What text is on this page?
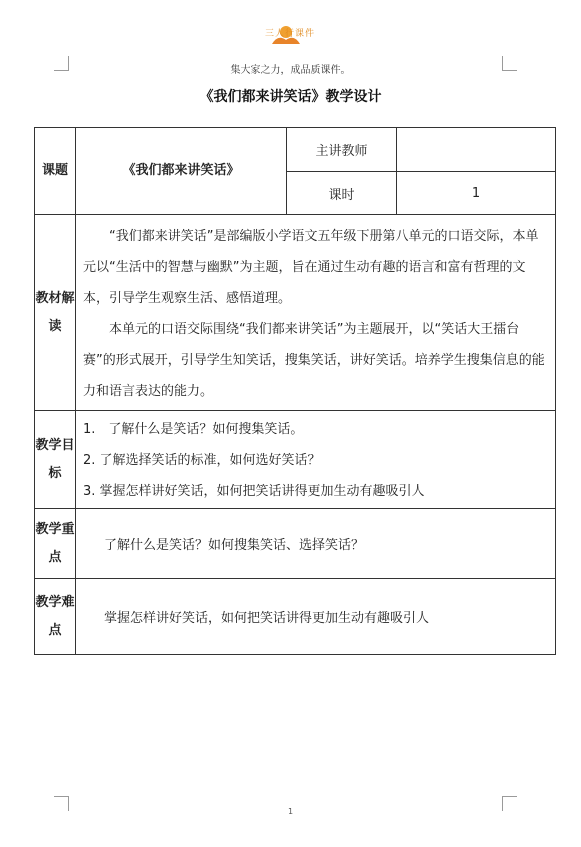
三人行课件
集大家之力，成品质课件。
《我们都来讲笑话》教学设计
课题	《我们都来讲笑话》	主讲教师	
		课时	1
教材解读	“我们都来讲笑话”是部编版小学语文五年级下册第八单元的口语交际，本单元以“生活中的智慧与幽默”为主题，旨在通过生动有趣的语言和富有哲理的文本，引导学生观察生活、感悟道理。

本单元的口语交际围绕“我们都来讲笑话”为主题展开，以“笑话大王擂台赛”的形式展开，引导学生知笑话，搜集笑话，讲好笑话。培养学生搜集信息的能力和语言表达的能力。		

教学目标	1.　了解什么是笑话？如何搜集笑话。
2. 了解选择笑话的标准，如何选好笑话？
3. 掌握怎样讲好笑话，如何把笑话讲得更加生动有趣吸引人		

教学重点	了解什么是笑话？如何搜集笑话、选择笑话？		
教学难点	掌握怎样讲好笑话，如何把笑话讲得更加生动有趣吸引人		
1
